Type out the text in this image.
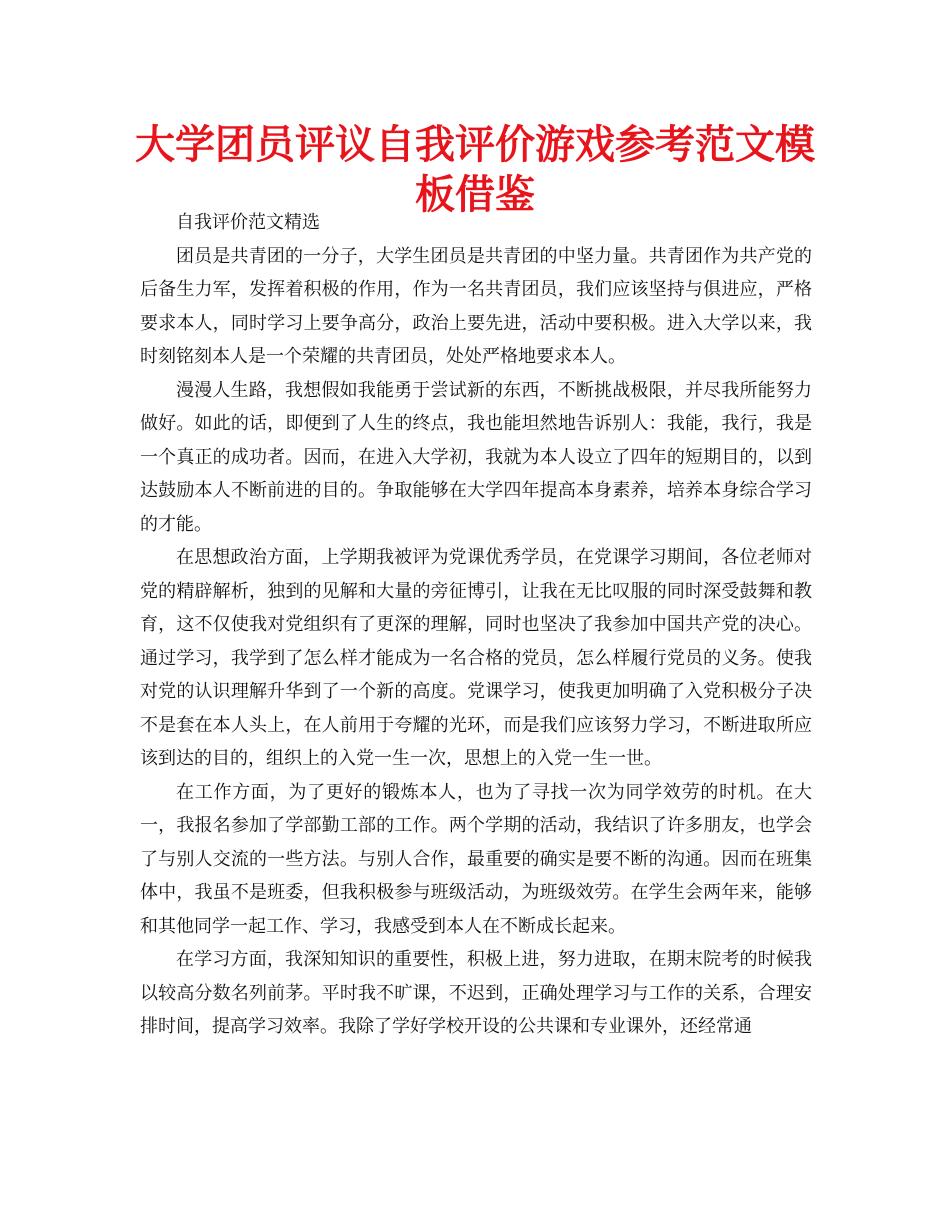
大学团员评议自我评价游戏参考范文模板借鉴

自我评价范文精选

团员是共青团的一分子，大学生团员是共青团的中坚力量。共青团作为共产党的后备生力军，发挥着积极的作用，作为一名共青团员，我们应该坚持与俱进应，严格要求本人，同时学习上要争高分，政治上要先进，活动中要积极。进入大学以来，我时刻铭刻本人是一个荣耀的共青团员，处处严格地要求本人。

漫漫人生路，我想假如我能勇于尝试新的东西，不断挑战极限，并尽我所能努力做好。如此的话，即便到了人生的终点，我也能坦然地告诉别人：我能，我行，我是一个真正的成功者。因而，在进入大学初，我就为本人设立了四年的短期目的，以到达鼓励本人不断前进的目的。争取能够在大学四年提高本身素养，培养本身综合学习的才能。

在思想政治方面，上学期我被评为党课优秀学员，在党课学习期间，各位老师对党的精辟解析，独到的见解和大量的旁征博引，让我在无比叹服的同时深受鼓舞和教育，这不仅使我对党组织有了更深的理解，同时也坚决了我参加中国共产党的决心。通过学习，我学到了怎么样才能成为一名合格的党员，怎么样履行党员的义务。使我对党的认识理解升华到了一个新的高度。党课学习，使我更加明确了入党积极分子决不是套在本人头上，在人前用于夸耀的光环，而是我们应该努力学习，不断进取所应该到达的目的，组织上的入党一生一次，思想上的入党一生一世。

在工作方面，为了更好的锻炼本人，也为了寻找一次为同学效劳的时机。在大一，我报名参加了学部勤工部的工作。两个学期的活动，我结识了许多朋友，也学会了与别人交流的一些方法。与别人合作，最重要的确实是要不断的沟通。因而在班集体中，我虽不是班委，但我积极参与班级活动，为班级效劳。在学生会两年来，能够和其他同学一起工作、学习，我感受到本人在不断成长起来。

在学习方面，我深知知识的重要性，积极上进，努力进取，在期末院考的时候我以较高分数名列前茅。平时我不旷课，不迟到，正确处理学习与工作的关系，合理安排时间，提高学习效率。我除了学好学校开设的公共课和专业课外，还经常通
